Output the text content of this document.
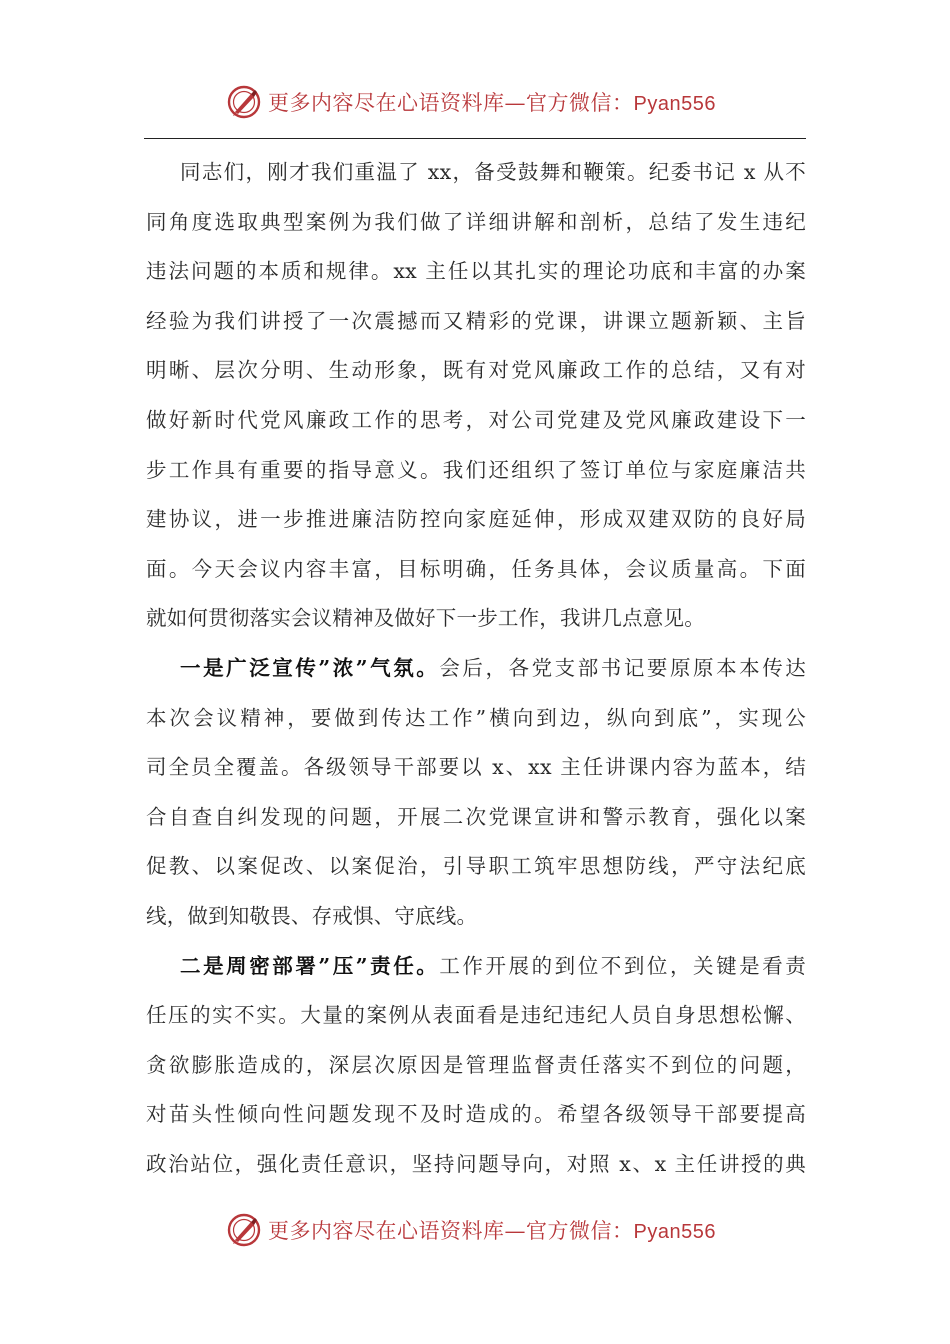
更多内容尽在心语资料库—官方微信：Pyan556
同志们，刚才我们重温了 xx，备受鼓舞和鞭策。纪委书记 x 从不
同角度选取典型案例为我们做了详细讲解和剖析，总结了发生违纪
违法问题的本质和规律。xx 主任以其扎实的理论功底和丰富的办案
经验为我们讲授了一次震撼而又精彩的党课，讲课立题新颖、主旨
明晰、层次分明、生动形象，既有对党风廉政工作的总结，又有对
做好新时代党风廉政工作的思考，对公司党建及党风廉政建设下一
步工作具有重要的指导意义。我们还组织了签订单位与家庭廉洁共
建协议，进一步推进廉洁防控向家庭延伸，形成双建双防的良好局
面。今天会议内容丰富，目标明确，任务具体，会议质量高。下面
就如何贯彻落实会议精神及做好下一步工作，我讲几点意见。
一是广泛宣传”浓”气氛。会后，各党支部书记要原原本本传达
本次会议精神，要做到传达工作”横向到边，纵向到底”，实现公
司全员全覆盖。各级领导干部要以 x、xx 主任讲课内容为蓝本，结
合自查自纠发现的问题，开展二次党课宣讲和警示教育，强化以案
促教、以案促改、以案促治，引导职工筑牢思想防线，严守法纪底
线，做到知敬畏、存戒惧、守底线。
二是周密部署”压”责任。工作开展的到位不到位，关键是看责
任压的实不实。大量的案例从表面看是违纪违纪人员自身思想松懈、
贪欲膨胀造成的，深层次原因是管理监督责任落实不到位的问题，
对苗头性倾向性问题发现不及时造成的。希望各级领导干部要提高
政治站位，强化责任意识，坚持问题导向，对照 x、x 主任讲授的典
更多内容尽在心语资料库—官方微信：Pyan556
